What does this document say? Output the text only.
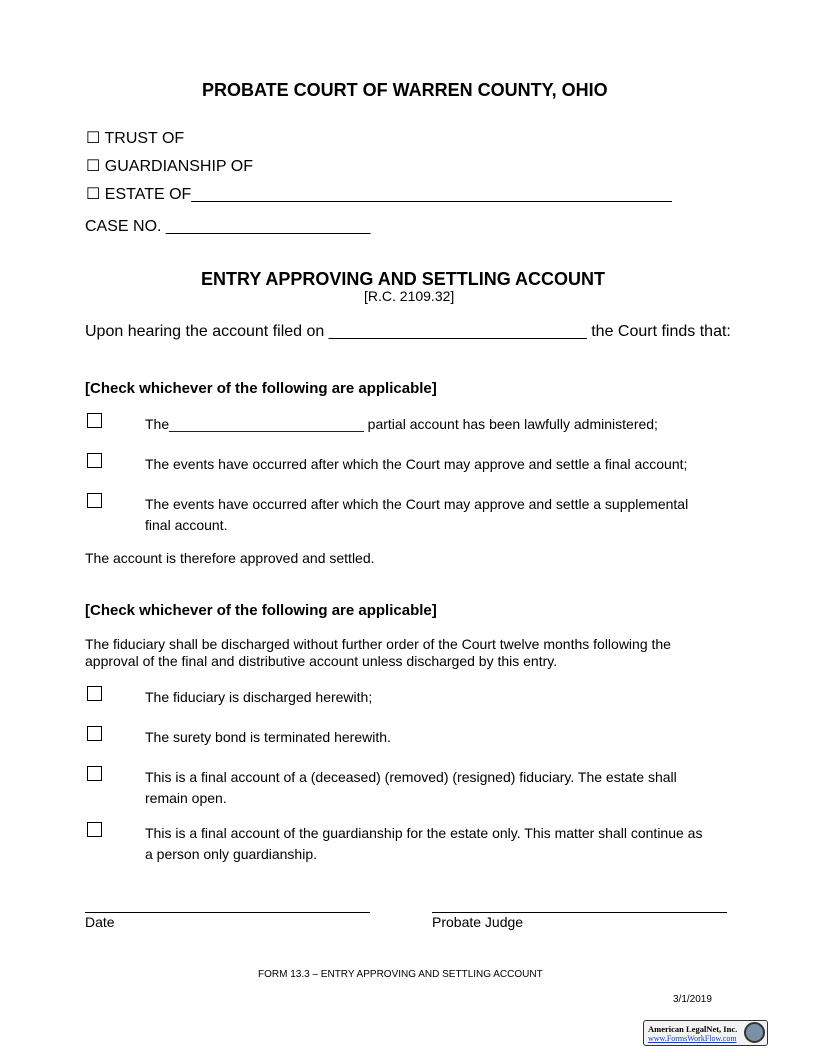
PROBATE COURT OF WARREN COUNTY, OHIO
☐ TRUST OF
☐ GUARDIANSHIP OF
☐ ESTATE OF______________________________________________________
CASE NO. _______________________
ENTRY APPROVING AND SETTLING ACCOUNT
[R.C. 2109.32]
Upon hearing the account filed on _____________________________ the Court finds that:
[Check whichever of the following are applicable]
The_________________________ partial account has been lawfully administered;
The events have occurred after which the Court may approve and settle a final account;
The events have occurred after which the Court may approve and settle a supplemental
final account.
The account is therefore approved and settled.
[Check whichever of the following are applicable]
The fiduciary shall be discharged without further order of the Court twelve months following the
approval of the final and distributive account unless discharged by this entry.
The fiduciary is discharged herewith;
The surety bond is terminated herewith.
This is a final account of a (deceased) (removed) (resigned) fiduciary. The estate shall
remain open.
This is a final account of the guardianship for the estate only. This matter shall continue as
a person only guardianship.
Date	Probate Judge
FORM 13.3 – ENTRY APPROVING AND SETTLING ACCOUNT
3/1/2019
American LegalNet, Inc.
www.FormsWorkFlow.com
